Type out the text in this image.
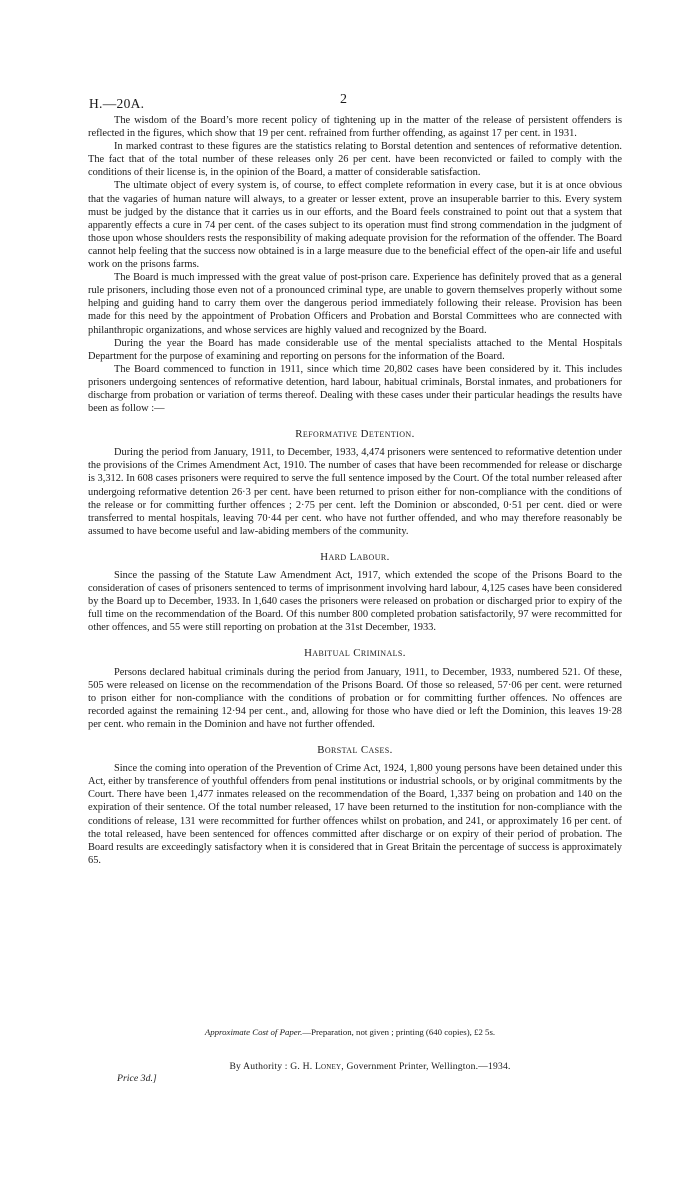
H.—20A.	2

The wisdom of the Board’s more recent policy of tightening up in the matter of the release of persistent offenders is reflected in the figures, which show that 19 per cent. refrained from further offending, as against 17 per cent. in 1931.

In marked contrast to these figures are the statistics relating to Borstal detention and sentences of reformative detention. The fact that of the total number of these releases only 26 per cent. have been reconvicted or failed to comply with the conditions of their license is, in the opinion of the Board, a matter of considerable satisfaction.

The ultimate object of every system is, of course, to effect complete reformation in every case, but it is at once obvious that the vagaries of human nature will always, to a greater or lesser extent, prove an insuperable barrier to this. Every system must be judged by the distance that it carries us in our efforts, and the Board feels constrained to point out that a system that apparently effects a cure in 74 per cent. of the cases subject to its operation must find strong commendation in the judgment of those upon whose shoulders rests the responsibility of making adequate provision for the reformation of the offender. The Board cannot help feeling that the success now obtained is in a large measure due to the beneficial effect of the open-air life and useful work on the prisons farms.

The Board is much impressed with the great value of post-prison care. Experience has definitely proved that as a general rule prisoners, including those even not of a pronounced criminal type, are unable to govern themselves properly without some helping and guiding hand to carry them over the dangerous period immediately following their release. Provision has been made for this need by the appointment of Probation Officers and Probation and Borstal Committees who are connected with philanthropic organizations, and whose services are highly valued and recognized by the Board.

During the year the Board has made considerable use of the mental specialists attached to the Mental Hospitals Department for the purpose of examining and reporting on persons for the information of the Board.

The Board commenced to function in 1911, since which time 20,802 cases have been considered by it. This includes prisoners undergoing sentences of reformative detention, hard labour, habitual criminals, Borstal inmates, and probationers for discharge from probation or variation of terms thereof. Dealing with these cases under their particular headings the results have been as follow :—

Reformative Detention.

During the period from January, 1911, to December, 1933, 4,474 prisoners were sentenced to reformative detention under the provisions of the Crimes Amendment Act, 1910. The number of cases that have been recommended for release or discharge is 3,312. In 608 cases prisoners were required to serve the full sentence imposed by the Court. Of the total number released after undergoing reformative detention 26·3 per cent. have been returned to prison either for non-compliance with the conditions of the release or for committing further offences ; 2·75 per cent. left the Dominion or absconded, 0·51 per cent. died or were transferred to mental hospitals, leaving 70·44 per cent. who have not further offended, and who may therefore reasonably be assumed to have become useful and law-abiding members of the community.

Hard Labour.

Since the passing of the Statute Law Amendment Act, 1917, which extended the scope of the Prisons Board to the consideration of cases of prisoners sentenced to terms of imprisonment involving hard labour, 4,125 cases have been considered by the Board up to December, 1933. In 1,640 cases the prisoners were released on probation or discharged prior to expiry of the full time on the recommendation of the Board. Of this number 800 completed probation satisfactorily, 97 were recommitted for other offences, and 55 were still reporting on probation at the 31st December, 1933.

Habitual Criminals.

Persons declared habitual criminals during the period from January, 1911, to December, 1933, numbered 521. Of these, 505 were released on license on the recommendation of the Prisons Board. Of those so released, 57·06 per cent. were returned to prison either for non-compliance with the conditions of probation or for committing further offences. No offences are recorded against the remaining 12·94 per cent., and, allowing for those who have died or left the Dominion, this leaves 19·28 per cent. who remain in the Dominion and have not further offended.

Borstal Cases.

Since the coming into operation of the Prevention of Crime Act, 1924, 1,800 young persons have been detained under this Act, either by transference of youthful offenders from penal institutions or industrial schools, or by original commitments by the Court. There have been 1,477 inmates released on the recommendation of the Board, 1,337 being on probation and 140 on the expiration of their sentence. Of the total number released, 17 have been returned to the institution for non-compliance with the conditions of release, 131 were recommitted for further offences whilst on probation, and 241, or approximately 16 per cent. of the total released, have been sentenced for offences committed after discharge or on expiry of their period of probation. The Board results are exceedingly satisfactory when it is considered that in Great Britain the percentage of success is approximately 65.

Approximate Cost of Paper.—Preparation, not given ; printing (640 copies), £2 5s.
By Authority : G. H. Loney, Government Printer, Wellington.—1934.
Price 3d.]
